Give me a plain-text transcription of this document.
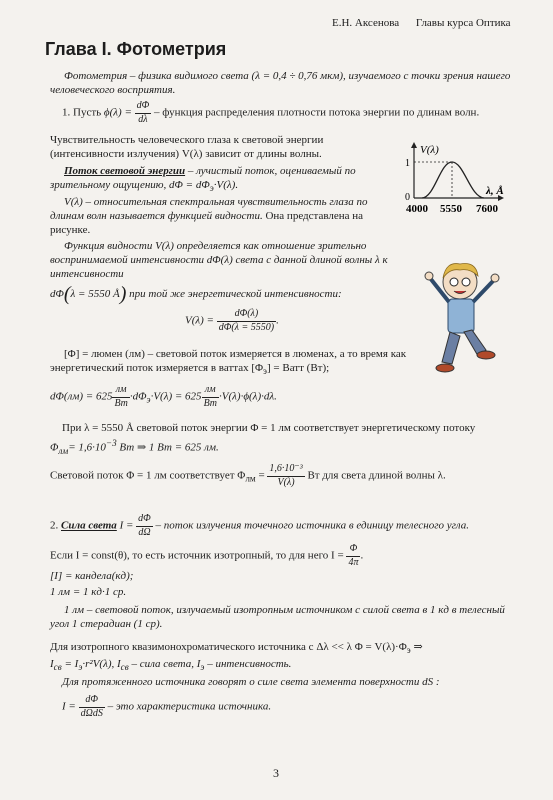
Е.Н. Аксенова Главы курса Оптика
Глава I. Фотометрия
Фотометрия – физика видимого света (λ = 0,4 ÷ 0,76 мкм), изучаемого с точки зрения нашего человеческого восприятия.
1. Пусть $\phi(\lambda) = \frac{d\Phi}{d\lambda}$ – функция распределения плотности потока энергии по длинам волн.
Чувствительность человеческого глаза к световой энергии (интенсивности излучения) V(λ) зависит от длины волны.
Поток световой энергии – лучистый поток, оцениваемый по зрительному ощущению, $d\Phi = d\Phi_э\cdot V(\lambda)$.
V(λ) – относительная спектральная чувствительность глаза по длинам волн называется функцией видности. Она представлена на рисунке.
V(λ)
1
0
λ, Å
4000 5550 7600
Функция видности V(λ) определяется как отношение зрительно воспринимаемой интенсивности dΦ(λ) света с данной длиной волны λ к интенсивности
dΦ(λ = 5550 Å) при той же энергетической интенсивности:
$V(\lambda) = \frac{d\Phi(\lambda)}{d\Phi(\lambda = 5550)}$ .
[Φ] = люмен (лм) – световой поток измеряется в люменах, а то время как энергетический поток измеряется в ваттах $[\Phi_э]$ = Ватт (Вт);
$d\Phi(лм) = 625 \frac{лм}{Вт} \cdot d\Phi_э\cdot V(\lambda) = 625 \frac{лм}{Вт} \cdot V(\lambda)\cdot\phi(\lambda)\cdot d\lambda$.
При λ = 5550 Å световой поток энергии Φ = 1 лм соответствует энергетическому потоку
$\Phi_{лм}= 1,6\cdot 10^{-3}$ Вт ⇒ 1 Вт = 625 лм.
Световой поток Φ = 1 лм соответствует $\Phi_{лм} = \frac{\text{1,6·10⁻³}}{V(\lambda)}$ Вт для света длиной волны λ.
2. Сила света $I = \frac{d\Phi}{d\Omega}$ – поток излучения точечного источника в единицу телесного угла.
Если I = const(θ), то есть источник изотропный, то для него $I = \frac{\Phi}{4\pi}$ .
[I] = кандела(кд);
1 лм = 1 кд·1 ср.
1 лм – световой поток, излучаемый изотропным источником с силой света в 1 кд в телесный угол 1 стерадиан (1 ср).
Для изотропного квазимонохроматического источника с Δλ << λ $\Phi = V(\lambda)\cdot\Phi_э$ ⇒
$I_{св} = I_э\cdot r^2V(\lambda)$, $I_{св}$ – сила света, $I_э$ – интенсивность.
Для протяженного источника говорят о силе света элемента поверхности dS :
$I = \frac{d\Phi}{\text{dΩdS}}$ – это характеристика источника.
3
